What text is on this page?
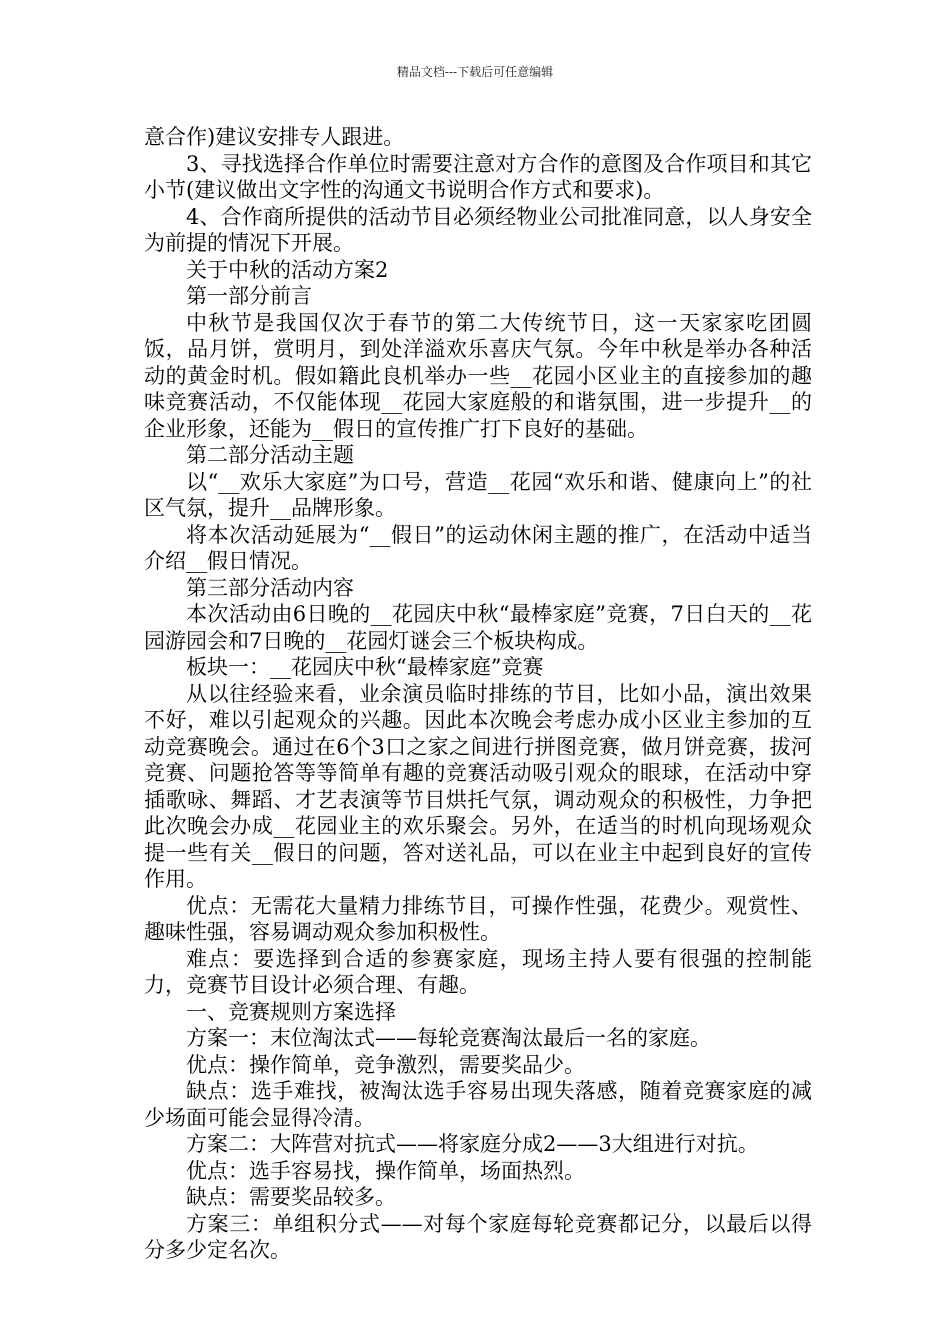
精品文档---下载后可任意编辑

意合作)建议安排专人跟进。

3、寻找选择合作单位时需要注意对方合作的意图及合作项目和其它小节(建议做出文字性的沟通文书说明合作方式和要求)。

4、合作商所提供的活动节目必须经物业公司批准同意，以人身安全为前提的情况下开展。

关于中秋的活动方案2

第一部分前言

中秋节是我国仅次于春节的第二大传统节日，这一天家家吃团圆饭，品月饼，赏明月，到处洋溢欢乐喜庆气氛。今年中秋是举办各种活动的黄金时机。假如籍此良机举办一些__花园小区业主的直接参加的趣味竞赛活动，不仅能体现__花园大家庭般的和谐氛围，进一步提升__的企业形象，还能为__假日的宣传推广打下良好的基础。

第二部分活动主题

以“__欢乐大家庭”为口号，营造__花园“欢乐和谐、健康向上”的社区气氛，提升__品牌形象。

将本次活动延展为“__假日”的运动休闲主题的推广，在活动中适当介绍__假日情况。

第三部分活动内容

本次活动由6日晚的__花园庆中秋“最棒家庭”竞赛，7日白天的__花园游园会和7日晚的__花园灯谜会三个板块构成。

板块一：__花园庆中秋“最棒家庭”竞赛

从以往经验来看，业余演员临时排练的节目，比如小品，演出效果不好，难以引起观众的兴趣。因此本次晚会考虑办成小区业主参加的互动竞赛晚会。通过在6个3口之家之间进行拼图竞赛，做月饼竞赛，拔河竞赛、问题抢答等等简单有趣的竞赛活动吸引观众的眼球，在活动中穿插歌咏、舞蹈、才艺表演等节目烘托气氛，调动观众的积极性，力争把此次晚会办成__花园业主的欢乐聚会。另外，在适当的时机向现场观众提一些有关__假日的问题，答对送礼品，可以在业主中起到良好的宣传作用。

优点：无需花大量精力排练节目，可操作性强，花费少。观赏性、趣味性强，容易调动观众参加积极性。

难点：要选择到合适的参赛家庭，现场主持人要有很强的控制能力，竞赛节目设计必须合理、有趣。

一、竞赛规则方案选择

方案一：末位淘汰式——每轮竞赛淘汰最后一名的家庭。

优点：操作简单，竞争激烈，需要奖品少。

缺点：选手难找，被淘汰选手容易出现失落感，随着竞赛家庭的减少场面可能会显得冷清。

方案二：大阵营对抗式——将家庭分成2——3大组进行对抗。

优点：选手容易找，操作简单，场面热烈。

缺点：需要奖品较多。

方案三：单组积分式——对每个家庭每轮竞赛都记分，以最后以得分多少定名次。
